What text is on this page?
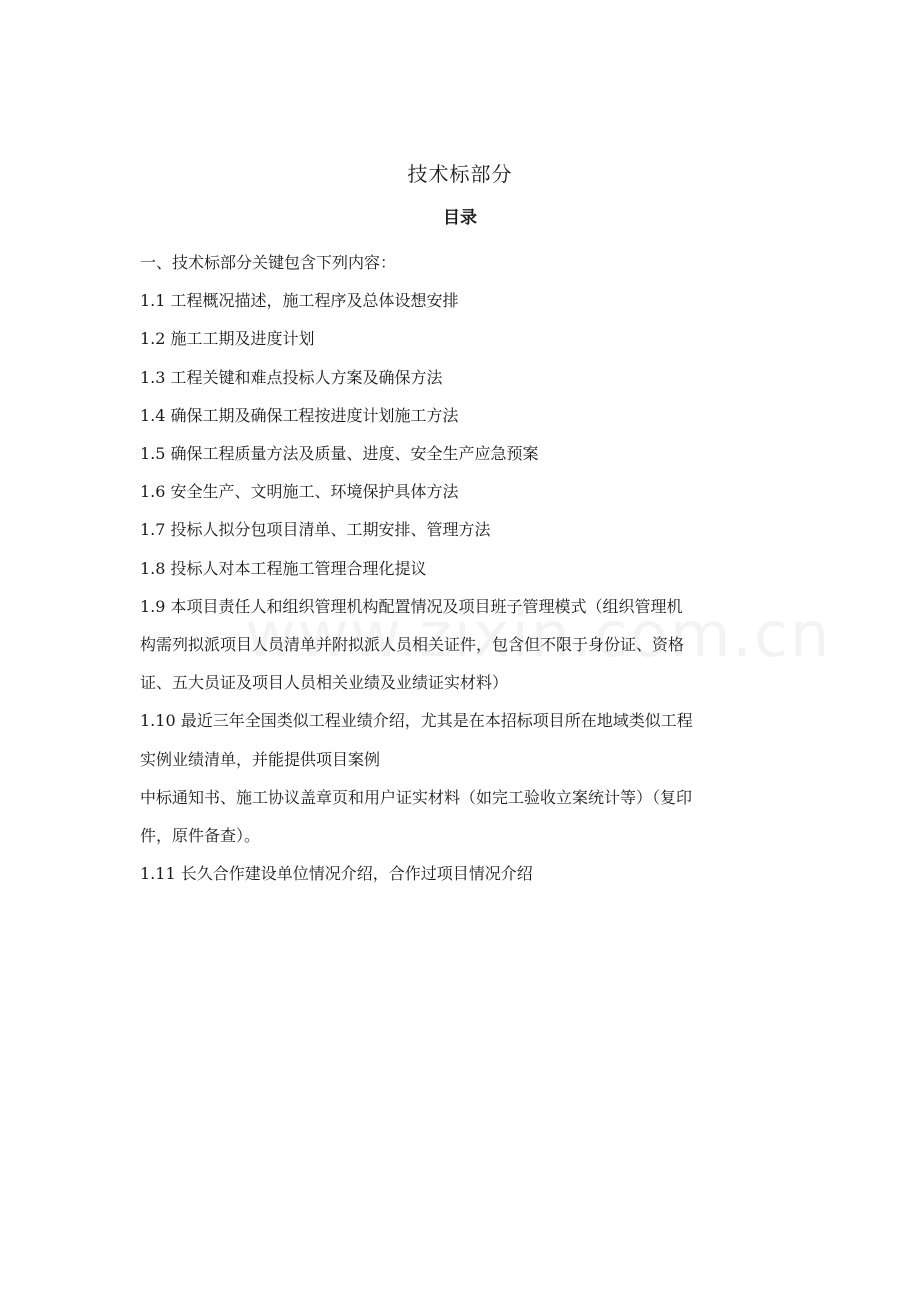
技术标部分
目录
一、技术标部分关键包含下列内容：
1.1 工程概况描述，施工程序及总体设想安排
1.2 施工工期及进度计划
1.3 工程关键和难点投标人方案及确保方法
1.4 确保工期及确保工程按进度计划施工方法
1.5 确保工程质量方法及质量、进度、安全生产应急预案
1.6 安全生产、文明施工、环境保护具体方法
1.7 投标人拟分包项目清单、工期安排、管理方法
1.8 投标人对本工程施工管理合理化提议
1.9 本项目责任人和组织管理机构配置情况及项目班子管理模式（组织管理机
构需列拟派项目人员清单并附拟派人员相关证件，包含但不限于身份证、资格
证、五大员证及项目人员相关业绩及业绩证实材料）
1.10 最近三年全国类似工程业绩介绍，尤其是在本招标项目所在地域类似工程
实例业绩清单，并能提供项目案例
中标通知书、施工协议盖章页和用户证实材料（如完工验收立案统计等）（复印
件，原件备查）。
1.11 长久合作建设单位情况介绍，合作过项目情况介绍
